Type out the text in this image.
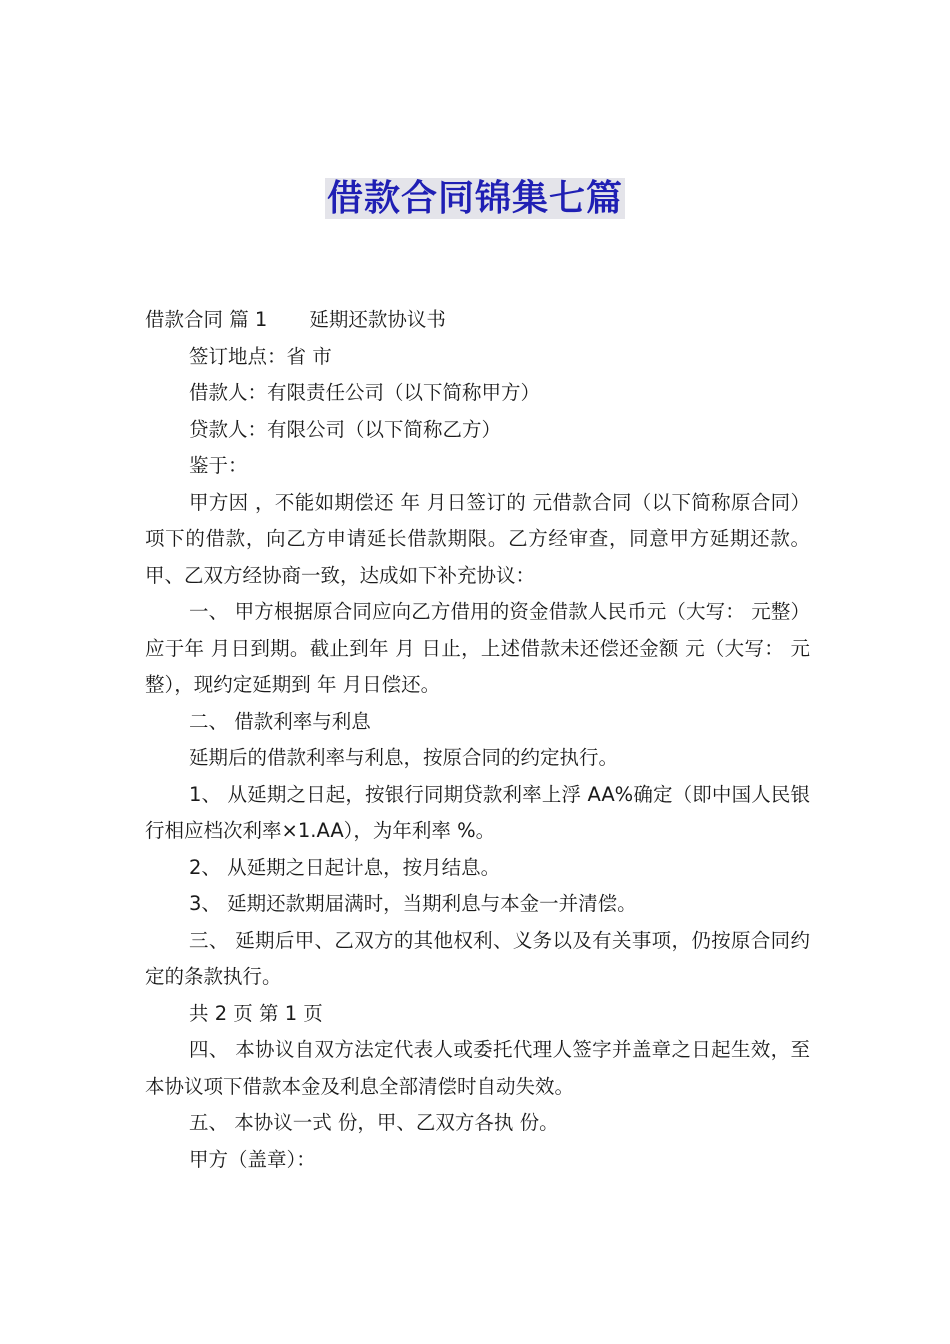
借款合同锦集七篇

借款合同 篇 1 延期还款协议书

签订地点：省 市

借款人：有限责任公司（以下简称甲方）

贷款人：有限公司（以下简称乙方）

鉴于：

甲方因 ，不能如期偿还 年 月日签订的 元借款合同（以下简称原合同）项下的借款，向乙方申请延长借款期限。乙方经审查，同意甲方延期还款。甲、乙双方经协商一致，达成如下补充协议：

一、 甲方根据原合同应向乙方借用的资金借款人民币元（大写： 元整）应于年 月日到期。截止到年 月 日止，上述借款未还偿还金额 元（大写： 元整），现约定延期到 年 月日偿还。

二、 借款利率与利息

延期后的借款利率与利息，按原合同的约定执行。

1、 从延期之日起，按银行同期贷款利率上浮 AA%确定（即中国人民银行相应档次利率×1.AA），为年利率 %。

2、 从延期之日起计息，按月结息。

3、 延期还款期届满时，当期利息与本金一并清偿。

三、 延期后甲、乙双方的其他权利、义务以及有关事项，仍按原合同约定的条款执行。

共 2 页 第 1 页

四、 本协议自双方法定代表人或委托代理人签字并盖章之日起生效，至本协议项下借款本金及利息全部清偿时自动失效。

五、 本协议一式 份，甲、乙双方各执 份。

甲方（盖章）：
